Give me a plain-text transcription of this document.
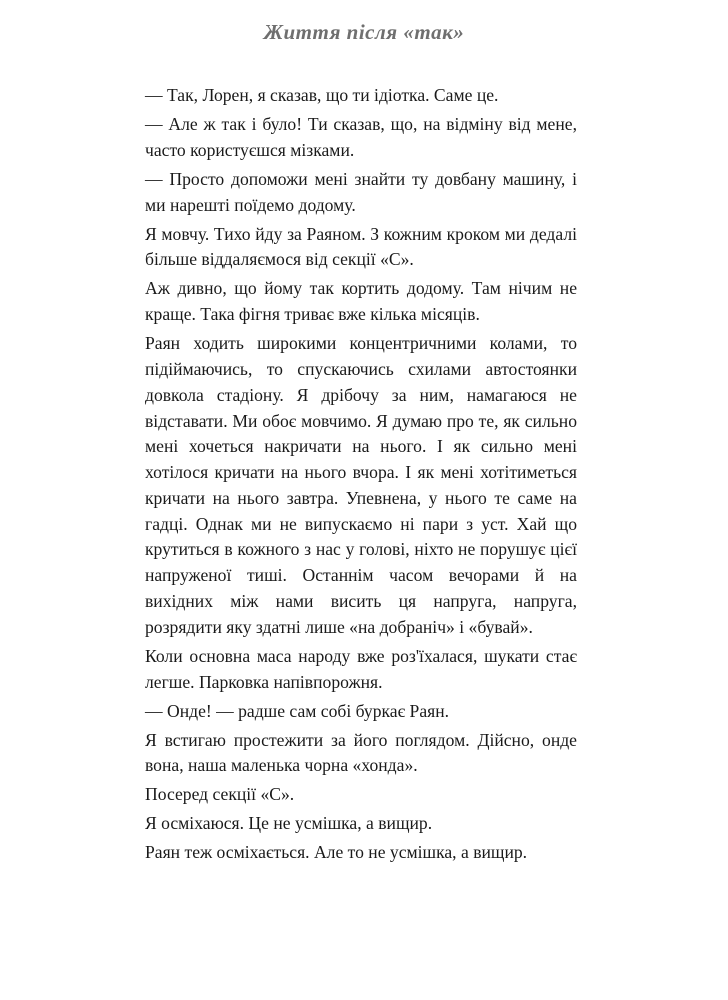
Життя після «так»

— Так, Лорен, я сказав, що ти ідіотка. Саме це.

— Але ж так і було! Ти сказав, що, на відміну від мене, часто користуєшся мізками.

— Просто допоможи мені знайти ту довбану машину, і ми нарешті поїдемо додому.

Я мовчу. Тихо йду за Раяном. З кожним кроком ми дедалі більше віддаляємося від секції «С».

Аж дивно, що йому так кортить додому. Там нічим не краще. Така фігня триває вже кілька місяців.

Раян ходить широкими концентричними колами, то підіймаючись, то спускаючись схилами автостоянки довкола стадіону. Я дрібочу за ним, намагаюся не відставати. Ми обоє мовчимо. Я думаю про те, як сильно мені хочеться накричати на нього. І як сильно мені хотілося кричати на нього вчора. І як мені хотітиметься кричати на нього завтра. Упевнена, у нього те саме на гадці. Однак ми не випускаємо ні пари з уст. Хай що крутиться в кожного з нас у голові, ніхто не порушує цієї напруженої тиші. Останнім часом вечорами й на вихідних між нами висить ця напруга, напруга, розрядити яку здатні лише «на добраніч» і «бувай».

Коли основна маса народу вже роз'їхалася, шукати стає легше. Парковка напівпорожня.

— Онде! — радше сам собі буркає Раян.

Я встигаю простежити за його поглядом. Дійсно, онде вона, наша маленька чорна «хонда».

Посеред секції «С».

Я осміхаюся. Це не усмішка, а вищир.

Раян теж осміхається. Але то не усмішка, а вищир.
